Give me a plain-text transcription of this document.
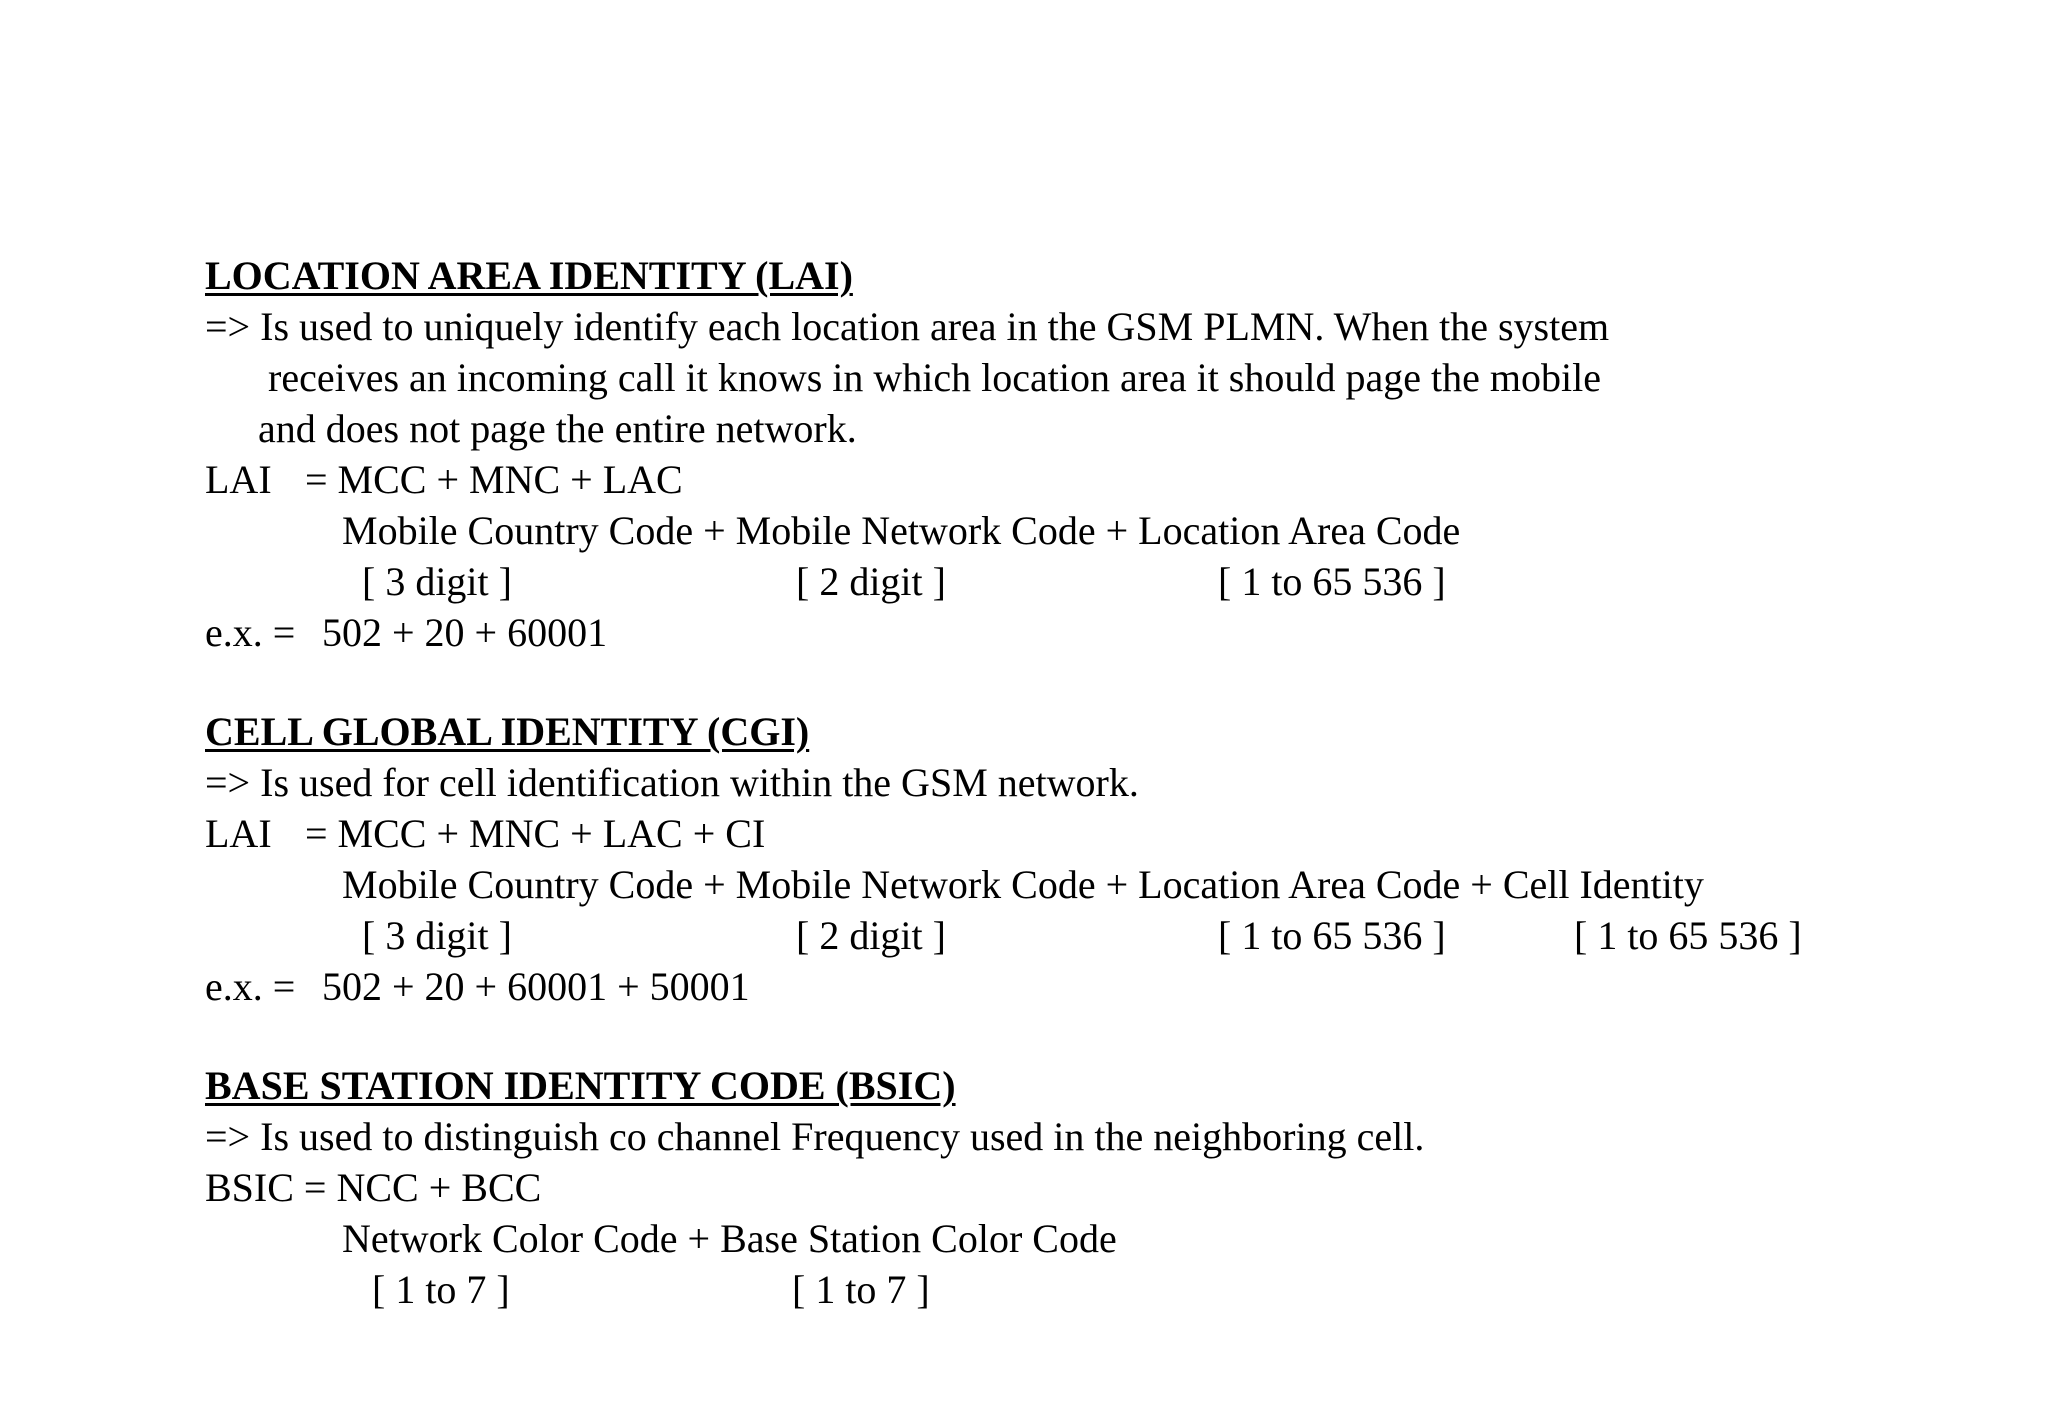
LOCATION AREA IDENTITY (LAI)
=> Is used to uniquely identify each location area in the GSM PLMN. When the system
receives an incoming call it knows in which location area it should page the mobile
and does not page the entire network.
LAI = MCC + MNC + LAC
Mobile Country Code + Mobile Network Code + Location Area Code
[ 3 digit ]	[ 2 digit ]	[ 1 to 65 536 ]
e.x. = 502 + 20 + 60001
CELL GLOBAL IDENTITY (CGI)
=> Is used for cell identification within the GSM network.
LAI = MCC + MNC + LAC + CI
Mobile Country Code + Mobile Network Code + Location Area Code + Cell Identity
[ 3 digit ]	[ 2 digit ]	[ 1 to 65 536 ]	[ 1 to 65 536 ]
e.x. = 502 + 20 + 60001 + 50001
BASE STATION IDENTITY CODE (BSIC)
=> Is used to distinguish co channel Frequency used in the neighboring cell.
BSIC = NCC + BCC
Network Color Code + Base Station Color Code
[ 1 to 7 ]	[ 1 to 7 ]
